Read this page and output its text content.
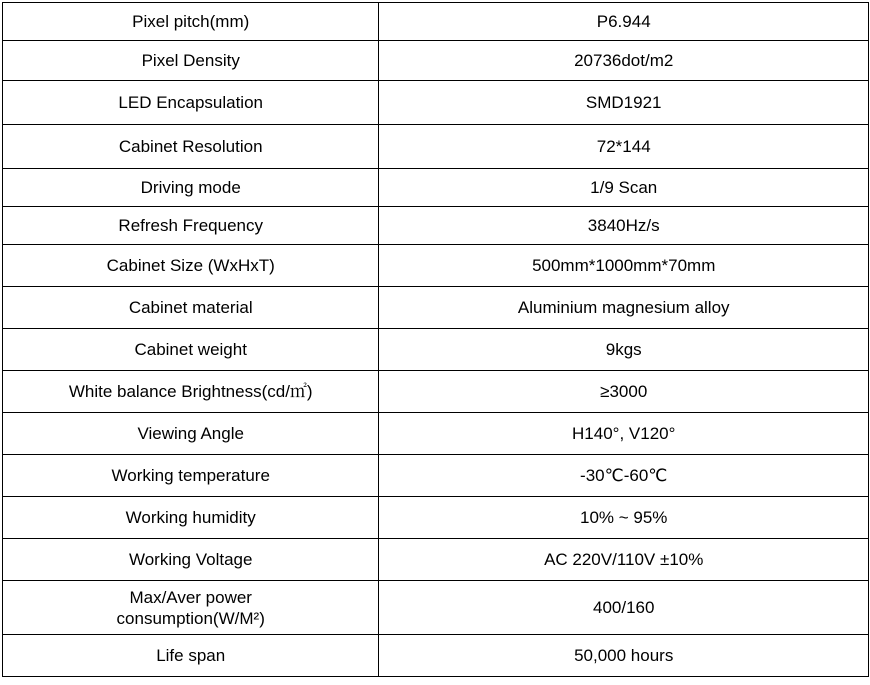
Pixel pitch(mm)	P6.944
Pixel Density	20736dot/m2
LED Encapsulation	SMD1921
Cabinet Resolution	72*144
Driving mode	1/9 Scan
Refresh Frequency	3840Hz/s
Cabinet Size (WxHxT)	500mm*1000mm*70mm
Cabinet material	Aluminium magnesium alloy
Cabinet weight	9kgs
White balance Brightness(cd/㎡)	≥3000
Viewing Angle	H140°, V120°
Working temperature	-30℃-60℃
Working humidity	10% ~ 95%
Working Voltage	AC 220V/110V ±10%
Max/Aver power consumption(W/M²)	400/160
Life span	50,000 hours
